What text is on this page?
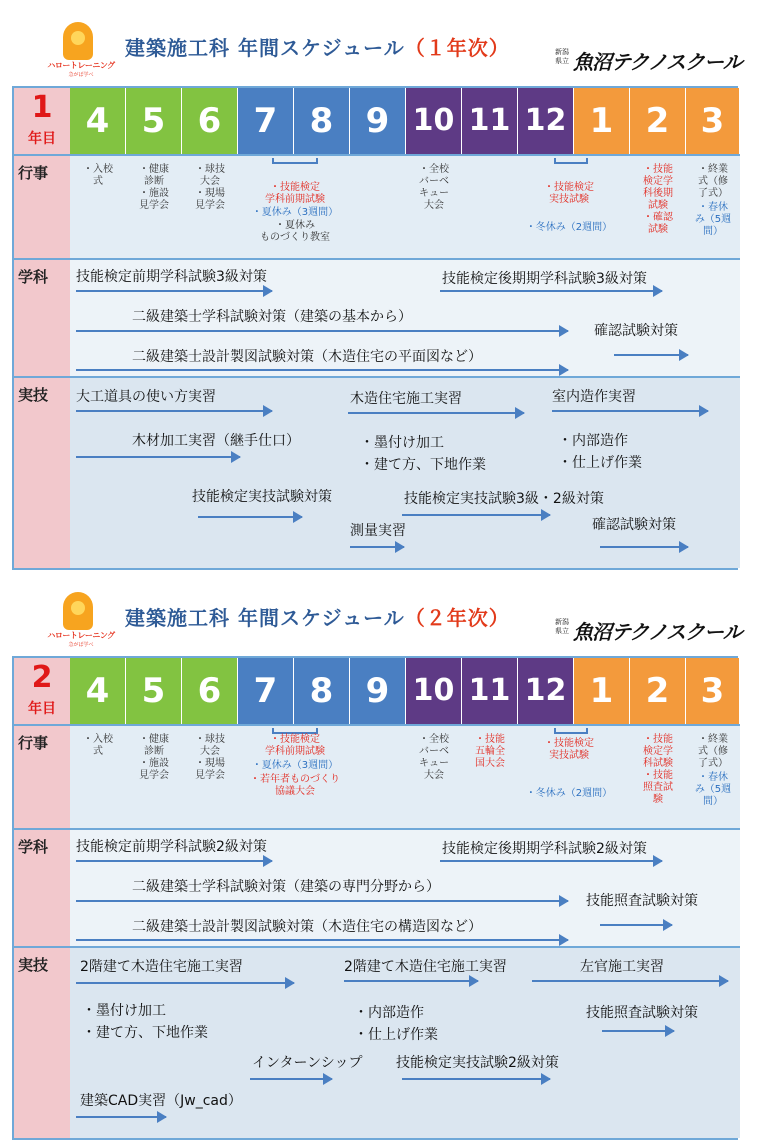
ハロートレーニング
急がば学べ
建築施工科 年間スケジュール（１年次）	新潟県立 魚沼テクノスクール
1
年目 4 5 6 7 8 9 10 11 12 1 2 3
行事
学科
実技
・入校
式
・健康
診断
・施設
見学会
・球技
大会
・現場
見学会
・技能検定
学科前期試験
・夏休み（3週間）
・夏休み
ものづくり教室
・全校
バーベ
キュー
大会
・技能検定
実技試験
・冬休み（2週間）
・技能
検定学
科後期
試験
・確認
試験
・終業
式（修
了式）
・春休
み（5週
間）
技能検定前期学科試験3級対策	技能検定後期期学科試験3級対策
二級建築士学科試験対策（建築の基本から）
確認試験対策
二級建築士設計製図試験対策（木造住宅の平面図など）
大工道具の使い方実習	木造住宅施工実習	室内造作実習
木材加工実習（継手仕口）	・墨付け加工
・建て方、下地作業
・内部造作
・仕上げ作業
技能検定実技試験対策	技能検定実技試験3級・2級対策
測量実習	確認試験対策
ハロートレーニング
急がば学べ
建築施工科 年間スケジュール（２年次）	新潟県立 魚沼テクノスクール
2
年目 4 5 6 7 8 9 10 11 12 1 2 3
行事
学科
実技
・入校
式
・健康
診断
・施設
見学会
・球技
大会
・現場
見学会
・技能検定
学科前期試験
・夏休み（3週間）
・若年者ものづくり
協議大会
・全校
バーベ
キュー
大会
・技能
五輪全
国大会
・技能検定
実技試験
・冬休み（2週間）
・技能
検定学
科試験
・技能
照査試
験
・終業
式（修
了式）
・春休
み（5週
間）
技能検定前期学科試験2級対策	技能検定後期期学科試験2級対策
二級建築士学科試験対策（建築の専門分野から）
技能照査試験対策
二級建築士設計製図試験対策（木造住宅の構造図など）
2階建て木造住宅施工実習	2階建て木造住宅施工実習	左官施工実習
・墨付け加工
・建て方、下地作業
・内部造作
・仕上げ作業
技能照査試験対策
インターンシップ 技能検定実技試験2級対策
建築CAD実習（Jw_cad）
